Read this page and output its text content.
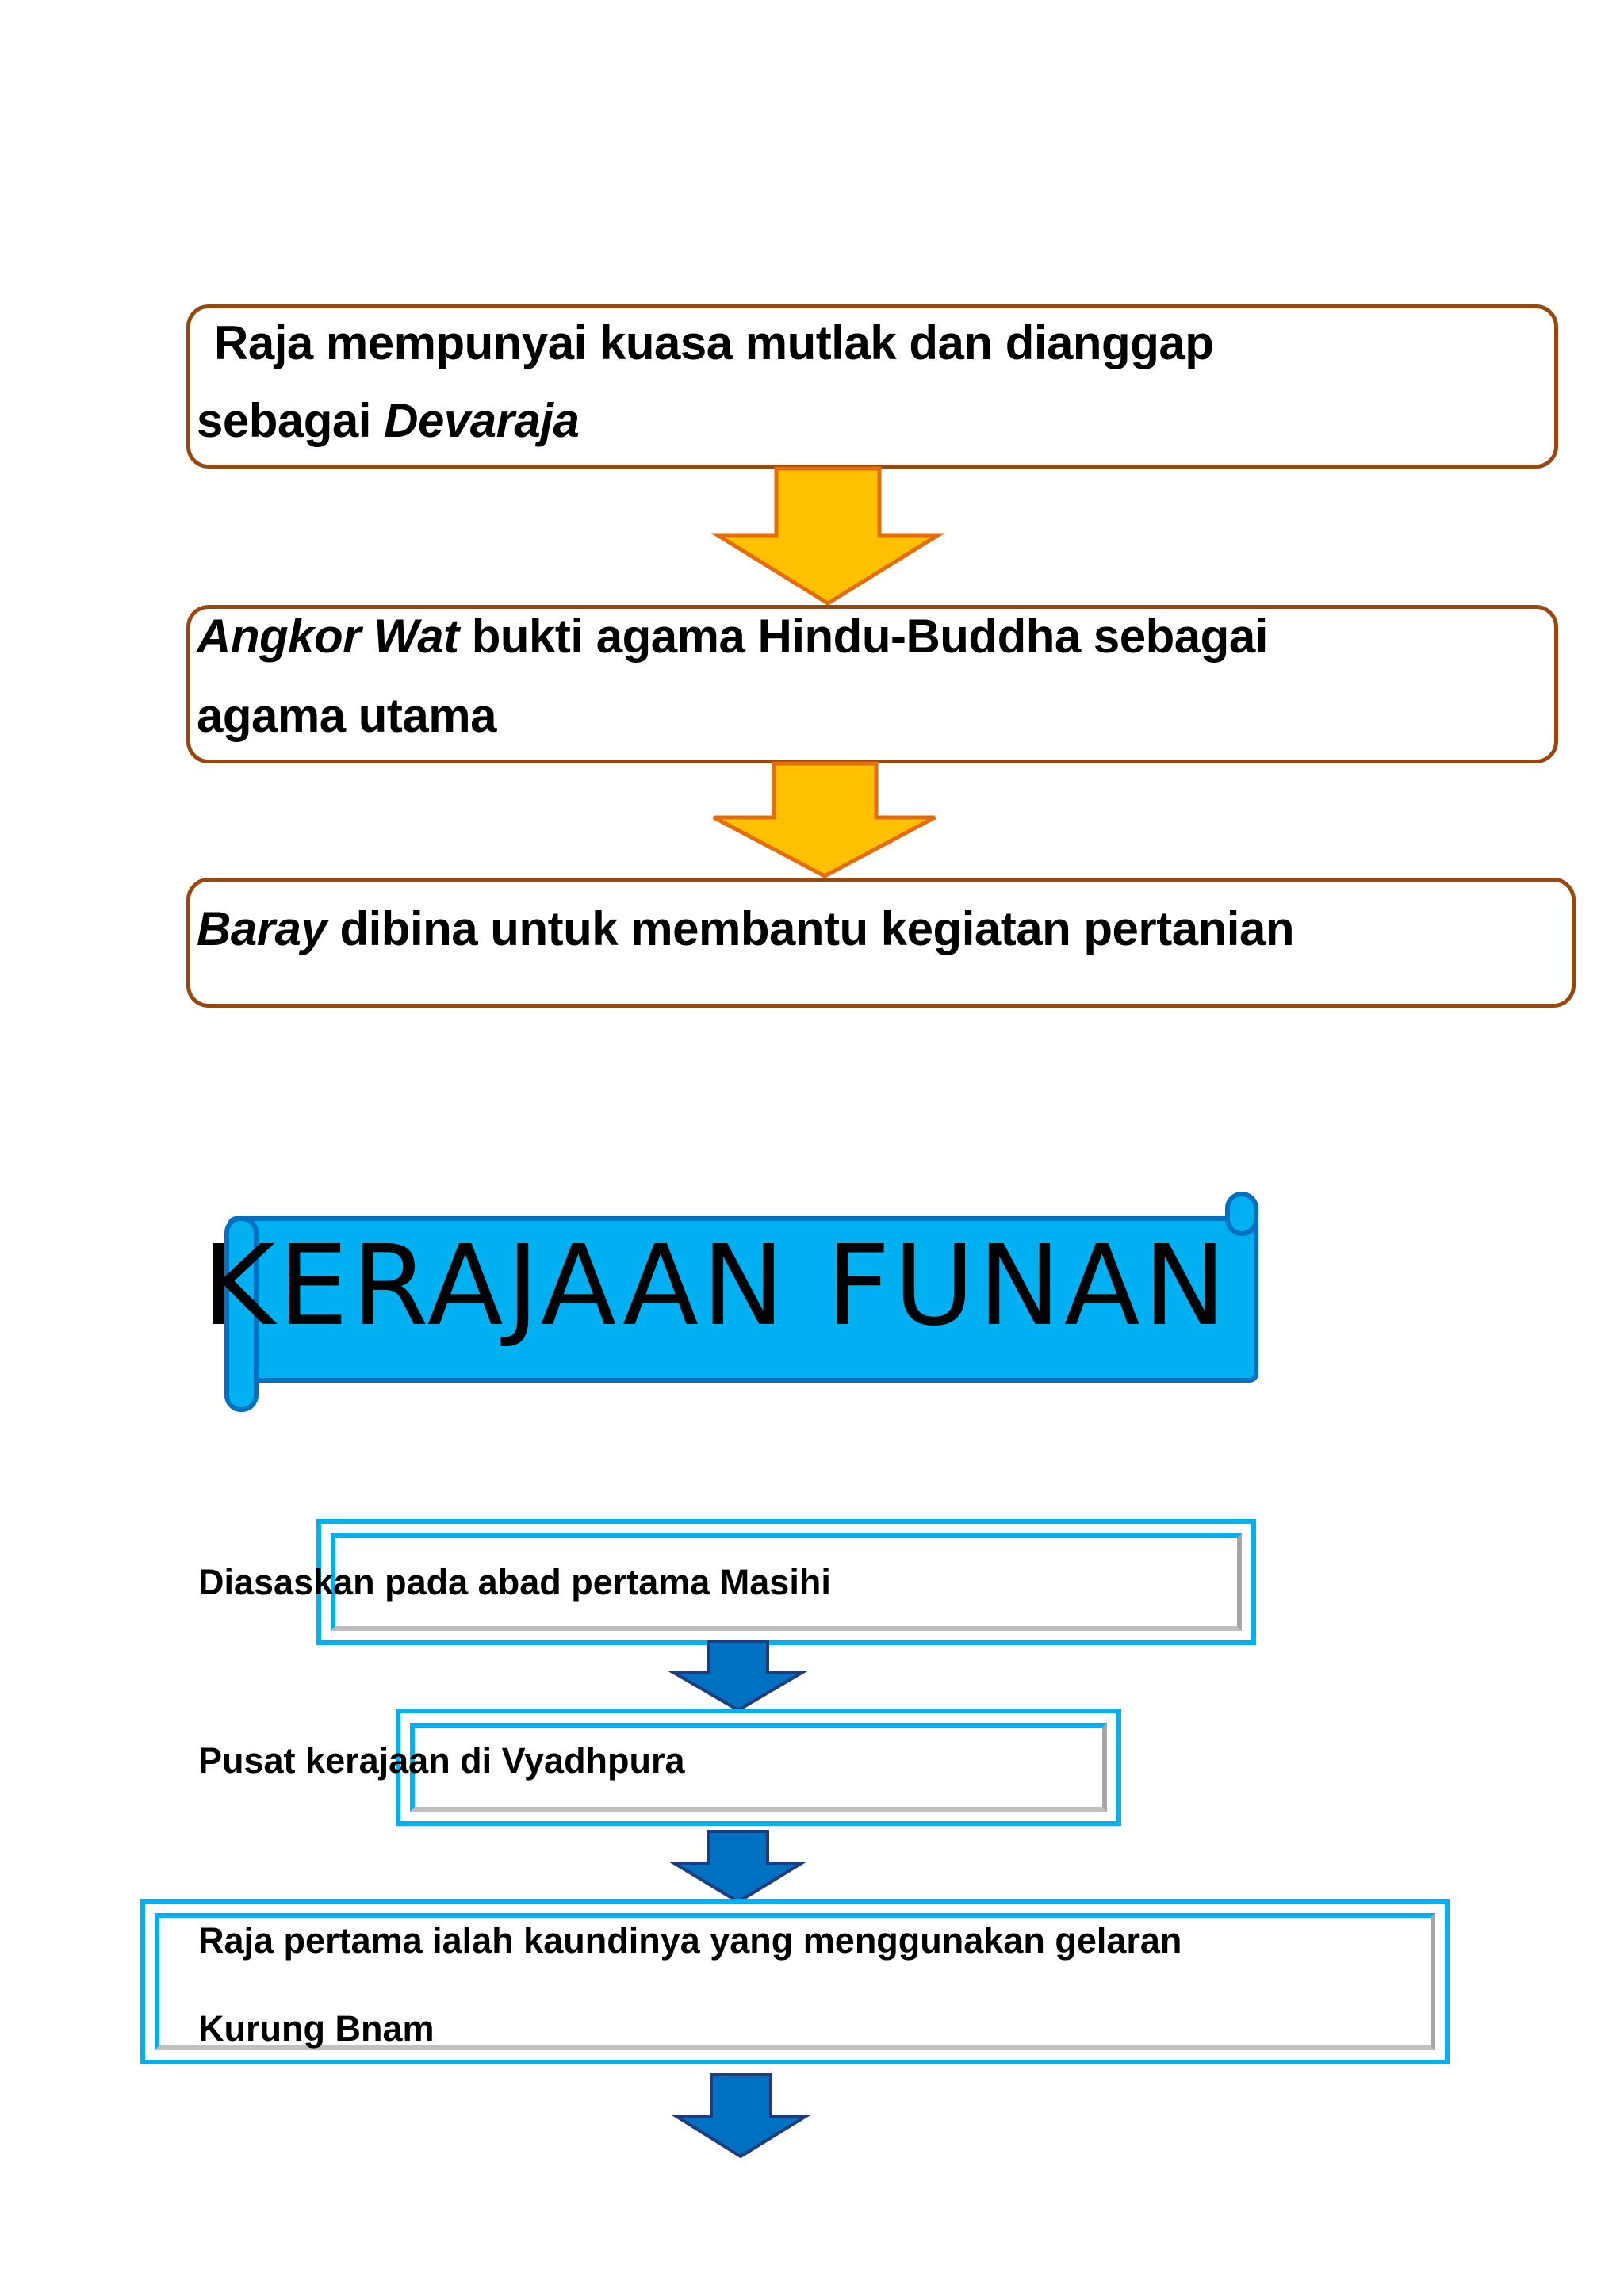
Raja mempunyai kuasa mutlak dan dianggap
sebagai Devaraja
Angkor Wat bukti agama Hindu-Buddha sebagai
agama utama
Baray dibina untuk membantu kegiatan pertanian
KERAJAAN FUNAN
Diasaskan pada abad pertama Masihi
Pusat kerajaan di Vyadhpura
Raja pertama ialah kaundinya yang menggunakan gelaran
Kurung Bnam
